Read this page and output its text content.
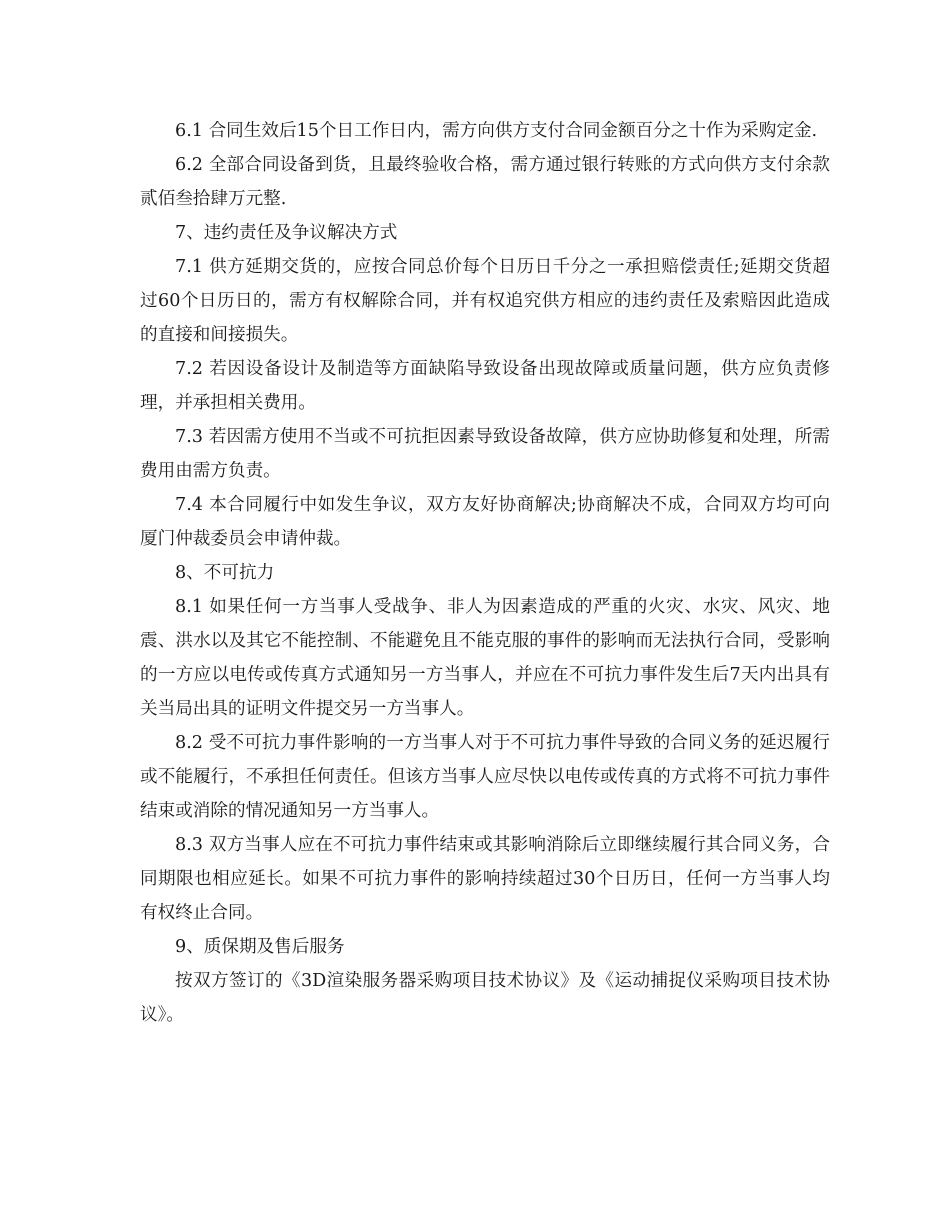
6.1 合同生效后15个日工作日内，需方向供方支付合同金额百分之十作为采购定金.

6.2 全部合同设备到货，且最终验收合格，需方通过银行转账的方式向供方支付余款贰佰叁拾肆万元整.

7、违约责任及争议解决方式

7.1 供方延期交货的，应按合同总价每个日历日千分之一承担赔偿责任;延期交货超过60个日历日的，需方有权解除合同，并有权追究供方相应的违约责任及索赔因此造成的直接和间接损失。

7.2 若因设备设计及制造等方面缺陷导致设备出现故障或质量问题，供方应负责修理，并承担相关费用。

7.3 若因需方使用不当或不可抗拒因素导致设备故障，供方应协助修复和处理，所需费用由需方负责。

7.4 本合同履行中如发生争议，双方友好协商解决;协商解决不成，合同双方均可向厦门仲裁委员会申请仲裁。

8、不可抗力

8.1 如果任何一方当事人受战争、非人为因素造成的严重的火灾、水灾、风灾、地震、洪水以及其它不能控制、不能避免且不能克服的事件的影响而无法执行合同，受影响的一方应以电传或传真方式通知另一方当事人，并应在不可抗力事件发生后7天内出具有关当局出具的证明文件提交另一方当事人。

8.2 受不可抗力事件影响的一方当事人对于不可抗力事件导致的合同义务的延迟履行或不能履行，不承担任何责任。但该方当事人应尽快以电传或传真的方式将不可抗力事件结束或消除的情况通知另一方当事人。

8.3 双方当事人应在不可抗力事件结束或其影响消除后立即继续履行其合同义务，合同期限也相应延长。如果不可抗力事件的影响持续超过30个日历日，任何一方当事人均有权终止合同。

9、质保期及售后服务

按双方签订的《3D渲染服务器采购项目技术协议》及《运动捕捉仪采购项目技术协议》。
